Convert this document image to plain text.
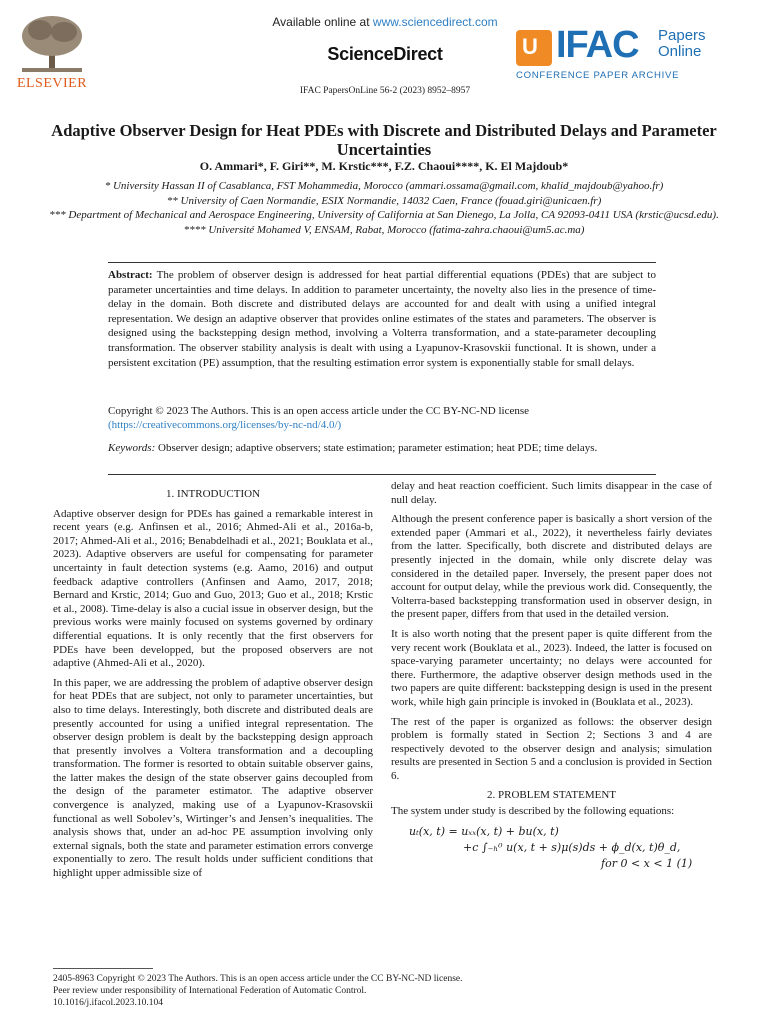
ELSEVIER
Available online at www.sciencedirect.com
ScienceDirect
IFAC PapersOnLine 56-2 (2023) 8952–8957
U IFAC Papers
Online
CONFERENCE PAPER ARCHIVE
Adaptive Observer Design for Heat PDEs with Discrete and Distributed Delays and Parameter Uncertainties
O. Ammari*, F. Giri**, M. Krstic***, F.Z. Chaoui****, K. El Majdoub*
* University Hassan II of Casablanca, FST Mohammedia, Morocco (ammari.ossama@gmail.com, khalid_majdoub@yahoo.fr)
** University of Caen Normandie, ESIX Normandie, 14032 Caen, France (fouad.giri@unicaen.fr)
*** Department of Mechanical and Aerospace Engineering, University of California at San Dienego, La Jolla, CA 92093-0411 USA (krstic@ucsd.edu).
**** Université Mohamed V, ENSAM, Rabat, Morocco (fatima-zahra.chaoui@um5.ac.ma)
Abstract: The problem of observer design is addressed for heat partial differential equations (PDEs) that are subject to parameter uncertainties and time delays. In addition to parameter uncertainty, the novelty also lies in the presence of time-delay in the domain. Both discrete and distributed delays are accounted for and dealt with using a unified integral representation. We design an adaptive observer that provides online estimates of the states and parameters. The observer is designed using the backstepping design method, involving a Volterra transformation, and a state-parameter decoupling transformation. The observer stability analysis is dealt with using a Lyapunov-Krasovskii functional. It is shown, under a persistent excitation (PE) assumption, that the resulting estimation error system is exponentially stable for small delays.
Copyright © 2023 The Authors. This is an open access article under the CC BY-NC-ND license
(https://creativecommons.org/licenses/by-nc-nd/4.0/)
Keywords: Observer design; adaptive observers; state estimation; parameter estimation; heat PDE; time delays.
1. INTRODUCTION

Adaptive observer design for PDEs has gained a remarkable interest in recent years (e.g. Anfinsen et al., 2016; Ahmed-Ali et al., 2016a-b, 2017; Ahmed-Ali et al., 2016; Benabdelhadi et al., 2021; Bouklata et al., 2023). Adaptive observers are useful for compensating for parameter uncertainty in fault detection systems (e.g. Aamo, 2016) and output feedback adaptive controllers (Anfinsen and Aamo, 2017, 2018; Bernard and Krstic, 2014; Guo and Guo, 2013; Guo et al., 2018; Krstic et al., 2008). Time-delay is also a cucial issue in observer design, but the previous works were mainly focused on systems governed by ordinary differential equations. It is only recently that the first observers for PDEs have been developped, but the proposed observers are not adaptive (Ahmed-Ali et al., 2020).

In this paper, we are addressing the problem of adaptive observer design for heat PDEs that are subject, not only to parameter uncertainties, but also to time delays. Interestingly, both discrete and distributed deals are presently accounted for using a unified integral representation. The observer design problem is dealt by the backstepping design approach that presently involves a Voltera transformation and a decoupling transformation. The former is resorted to obtain suitable observer gains, the latter makes the design of the state observer gains decoupled from the design of the parameter estimator. The adaptive observer convergence is analyzed, making use of a Lyapunov-Krasovskii functional as well Sobolev’s, Wirtinger’s and Jensen’s inequalities. The analysis shows that, under an ad-hoc PE assumption involving only external signals, both the state and parameter estimation errors converge exponentially to zero. The result holds under sufficient conditions that highlight upper admissible size of

delay and heat reaction coefficient. Such limits disappear in the case of null delay.

Although the present conference paper is basically a short version of the extended paper (Ammari et al., 2022), it nevertheless fairly deviates from the latter. Specifically, both discrete and distributed delays are presently injected in the domain, while only discrete delay was considered in the detailed paper. Inversely, the present paper does not account for output delay, while the previous work did. Consequently, the Volterra-based backstepping transformation used in observer design, in the present paper, differs from that used in the detailed version.

It is also worth noting that the present paper is quite different from the very recent work (Bouklata et al., 2023). Indeed, the latter is focused on space-varying parameter uncertainty; no delays were accounted for there. Furthermore, the adaptive observer design methods used in the two papers are quite different: backstepping design is used in the present work, while high gain principle is invoked in (Bouklata et al., 2023).

The rest of the paper is organized as follows: the observer design problem is formally stated in Section 2; Sections 3 and 4 are respectively devoted to the observer design and analysis; simulation results are presented in Section 5 and a conclusion is provided in Section 6.

2. PROBLEM STATEMENT

The system under study is described by the following equations:

uₜ(x, t) = uₓₓ(x, t) + bu(x, t)
+c ∫₋ₕ⁰ u(x, t + s)μ(s)ds + ϕ_d(x, t)θ_d,
for 0 < x < 1 (1)
2405-8963 Copyright © 2023 The Authors. This is an open access article under the CC BY-NC-ND license.
Peer review under responsibility of International Federation of Automatic Control.
10.1016/j.ifacol.2023.10.104
